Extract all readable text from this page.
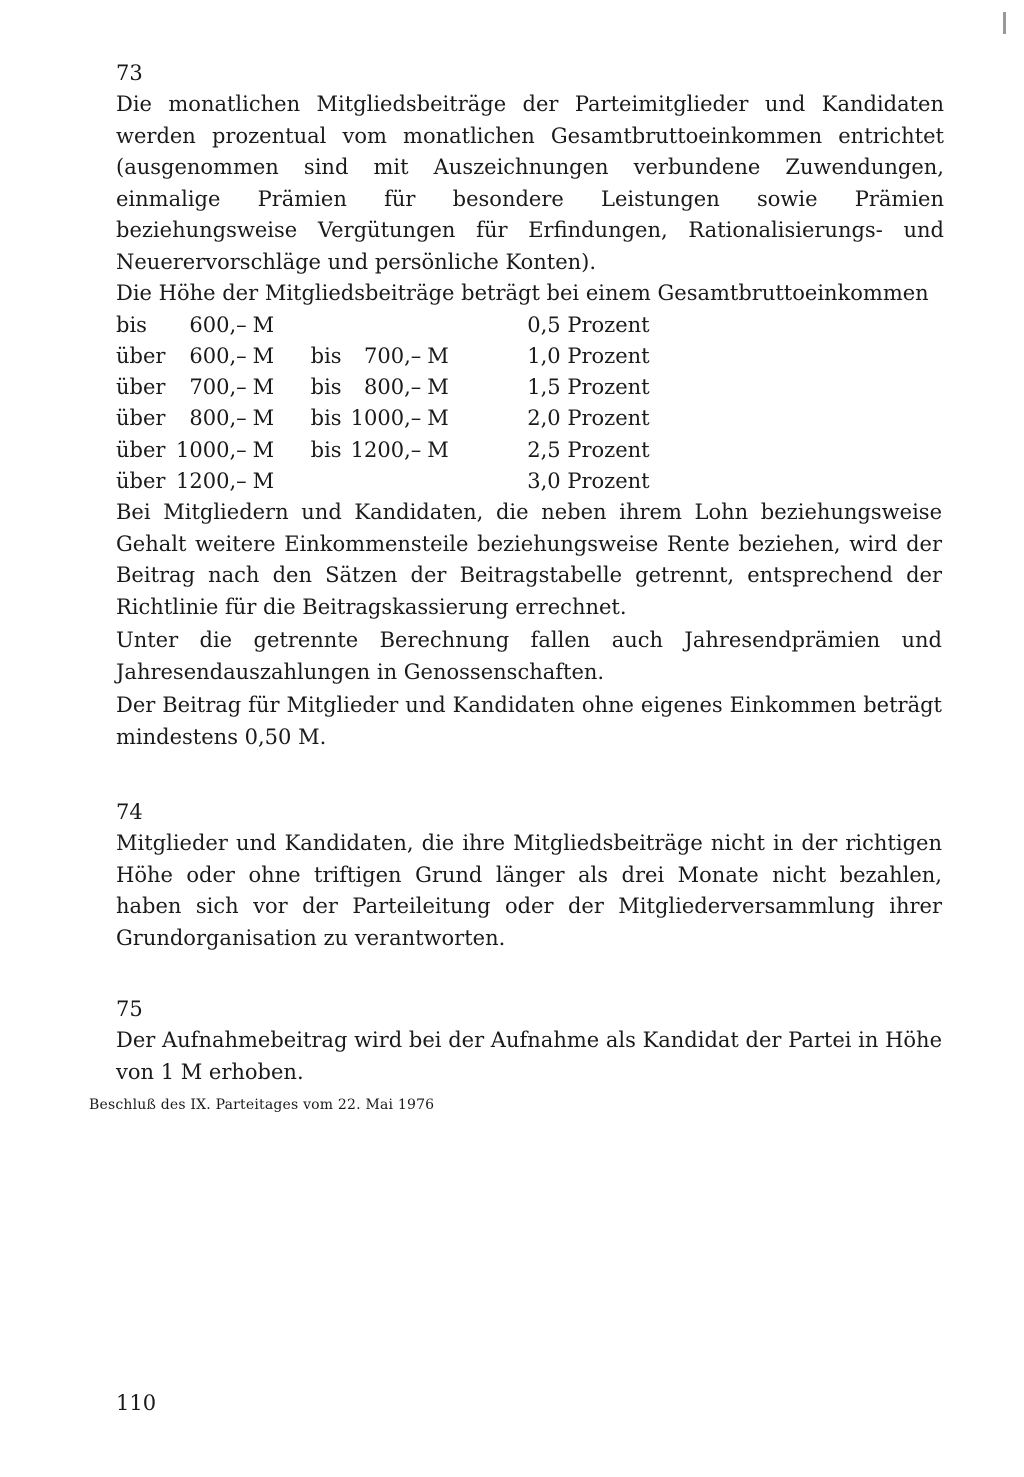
73

Die monatlichen Mitgliedsbeiträge der Parteimitglieder und Kandidaten werden prozentual vom monatlichen Gesamtbruttoeinkommen entrichtet (ausgenommen sind mit Auszeichnungen verbundene Zuwendungen, einmalige Prämien für besondere Leistungen sowie Prämien beziehungsweise Vergütungen für Erfindungen, Rationalisierungs- und Neuerervorschläge und persönliche Konten).

Die Höhe der Mitgliedsbeiträge beträgt bei einem Gesamtbruttoeinkommen

bis	600,–	M				0,5 Prozent
über	600,–	M	bis	700,–	M	1,0 Prozent
über	700,–	M	bis	800,–	M	1,5 Prozent
über	800,–	M	bis	1000,–	M	2,0 Prozent
über	1000,–	M	bis	1200,–	M	2,5 Prozent
über	1200,–	M				3,0 Prozent

Bei Mitgliedern und Kandidaten, die neben ihrem Lohn beziehungsweise Gehalt weitere Einkommensteile beziehungsweise Rente beziehen, wird der Beitrag nach den Sätzen der Beitragstabelle getrennt, entsprechend der Richtlinie für die Beitragskassierung errechnet.

Unter die getrennte Berechnung fallen auch Jahresendprämien und Jahresendauszahlungen in Genossenschaften.

Der Beitrag für Mitglieder und Kandidaten ohne eigenes Einkommen beträgt mindestens 0,50 M.

74

Mitglieder und Kandidaten, die ihre Mitgliedsbeiträge nicht in der richtigen Höhe oder ohne triftigen Grund länger als drei Monate nicht bezahlen, haben sich vor der Parteileitung oder der Mitgliederversammlung ihrer Grundorganisation zu verantworten.

75

Der Aufnahmebeitrag wird bei der Aufnahme als Kandidat der Partei in Höhe von 1 M erhoben.

Beschluß des IX. Parteitages vom 22. Mai 1976
110
